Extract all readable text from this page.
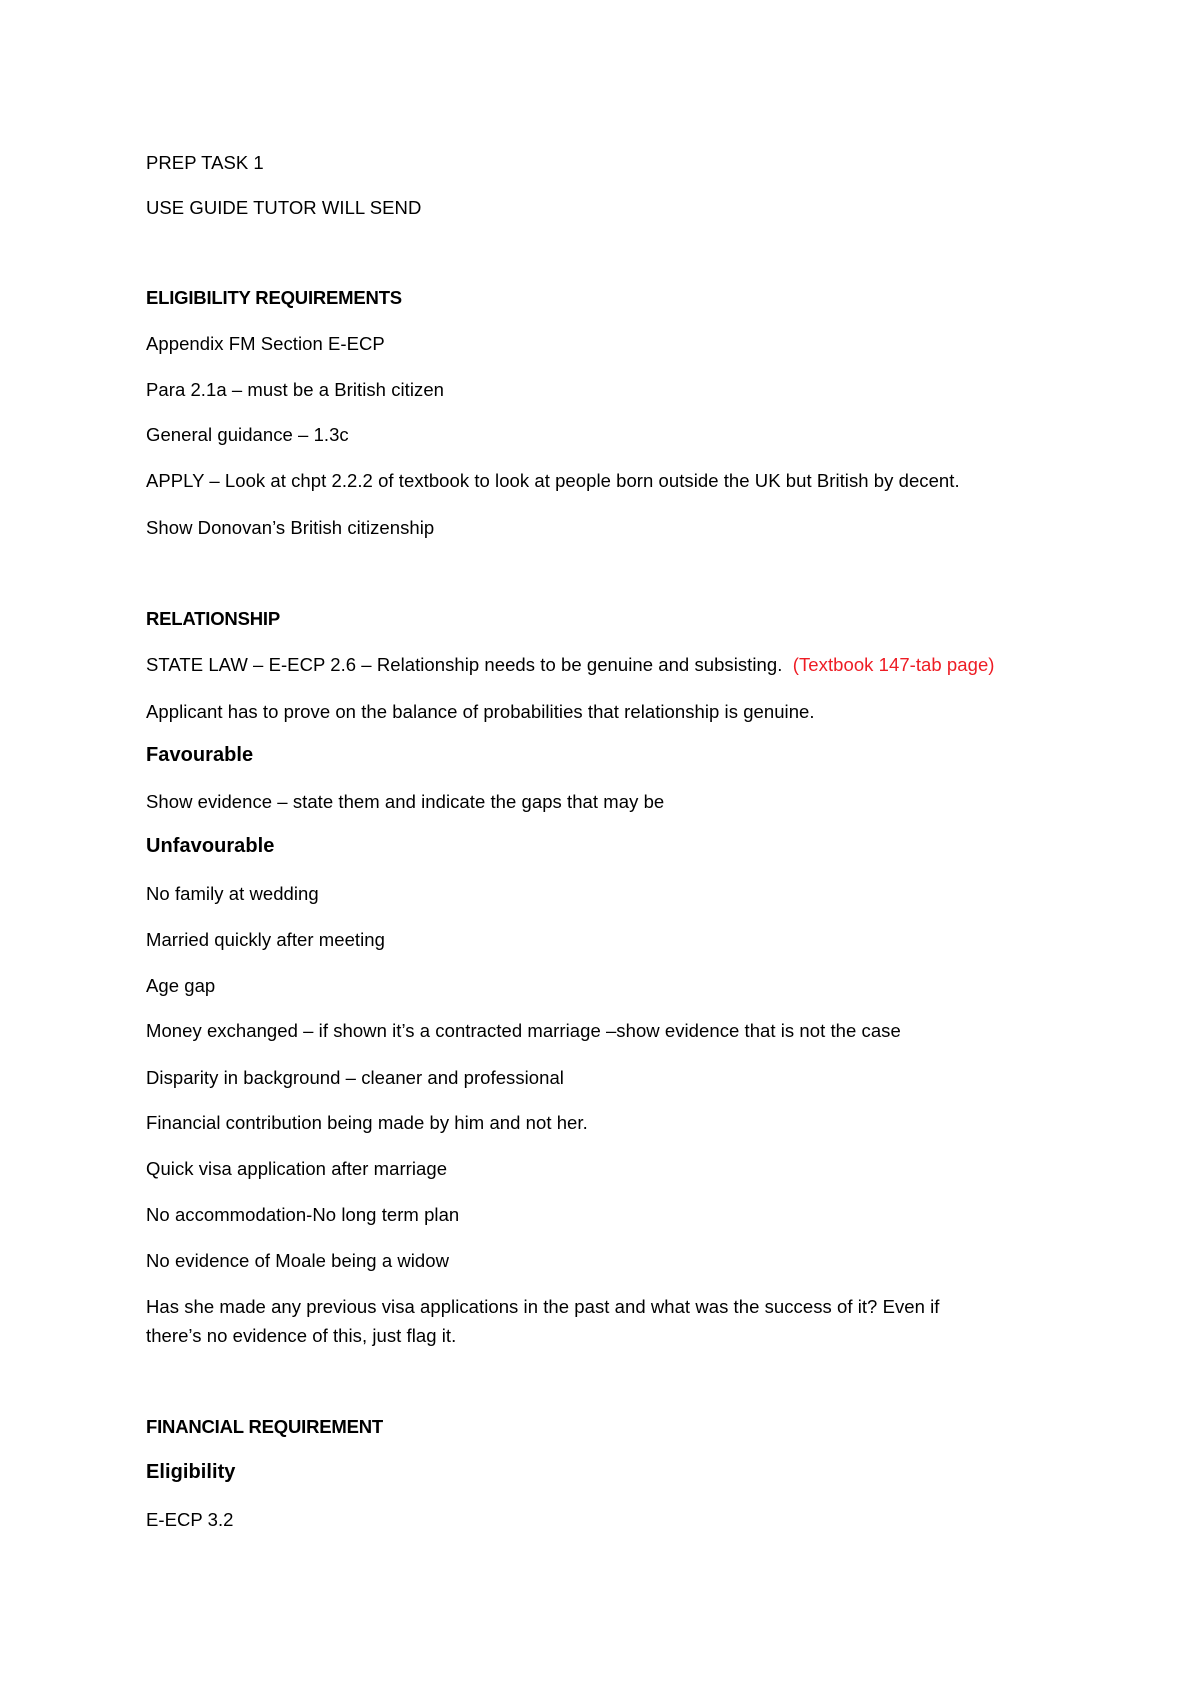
PREP TASK 1
USE GUIDE TUTOR WILL SEND
ELIGIBILITY REQUIREMENTS
Appendix FM Section E-ECP
Para 2.1a – must be a British citizen
General guidance – 1.3c
APPLY – Look at chpt 2.2.2 of textbook to look at people born outside the UK but British by decent.
Show Donovan’s British citizenship
RELATIONSHIP
STATE LAW – E-ECP 2.6 – Relationship needs to be genuine and subsisting. (Textbook 147-tab page)
Applicant has to prove on the balance of probabilities that relationship is genuine.
Favourable
Show evidence – state them and indicate the gaps that may be
Unfavourable
No family at wedding
Married quickly after meeting
Age gap
Money exchanged – if shown it’s a contracted marriage –show evidence that is not the case
Disparity in background – cleaner and professional
Financial contribution being made by him and not her.
Quick visa application after marriage
No accommodation-No long term plan
No evidence of Moale being a widow
Has she made any previous visa applications in the past and what was the success of it? Even if
there’s no evidence of this, just flag it.
FINANCIAL REQUIREMENT
Eligibility
E-ECP 3.2
